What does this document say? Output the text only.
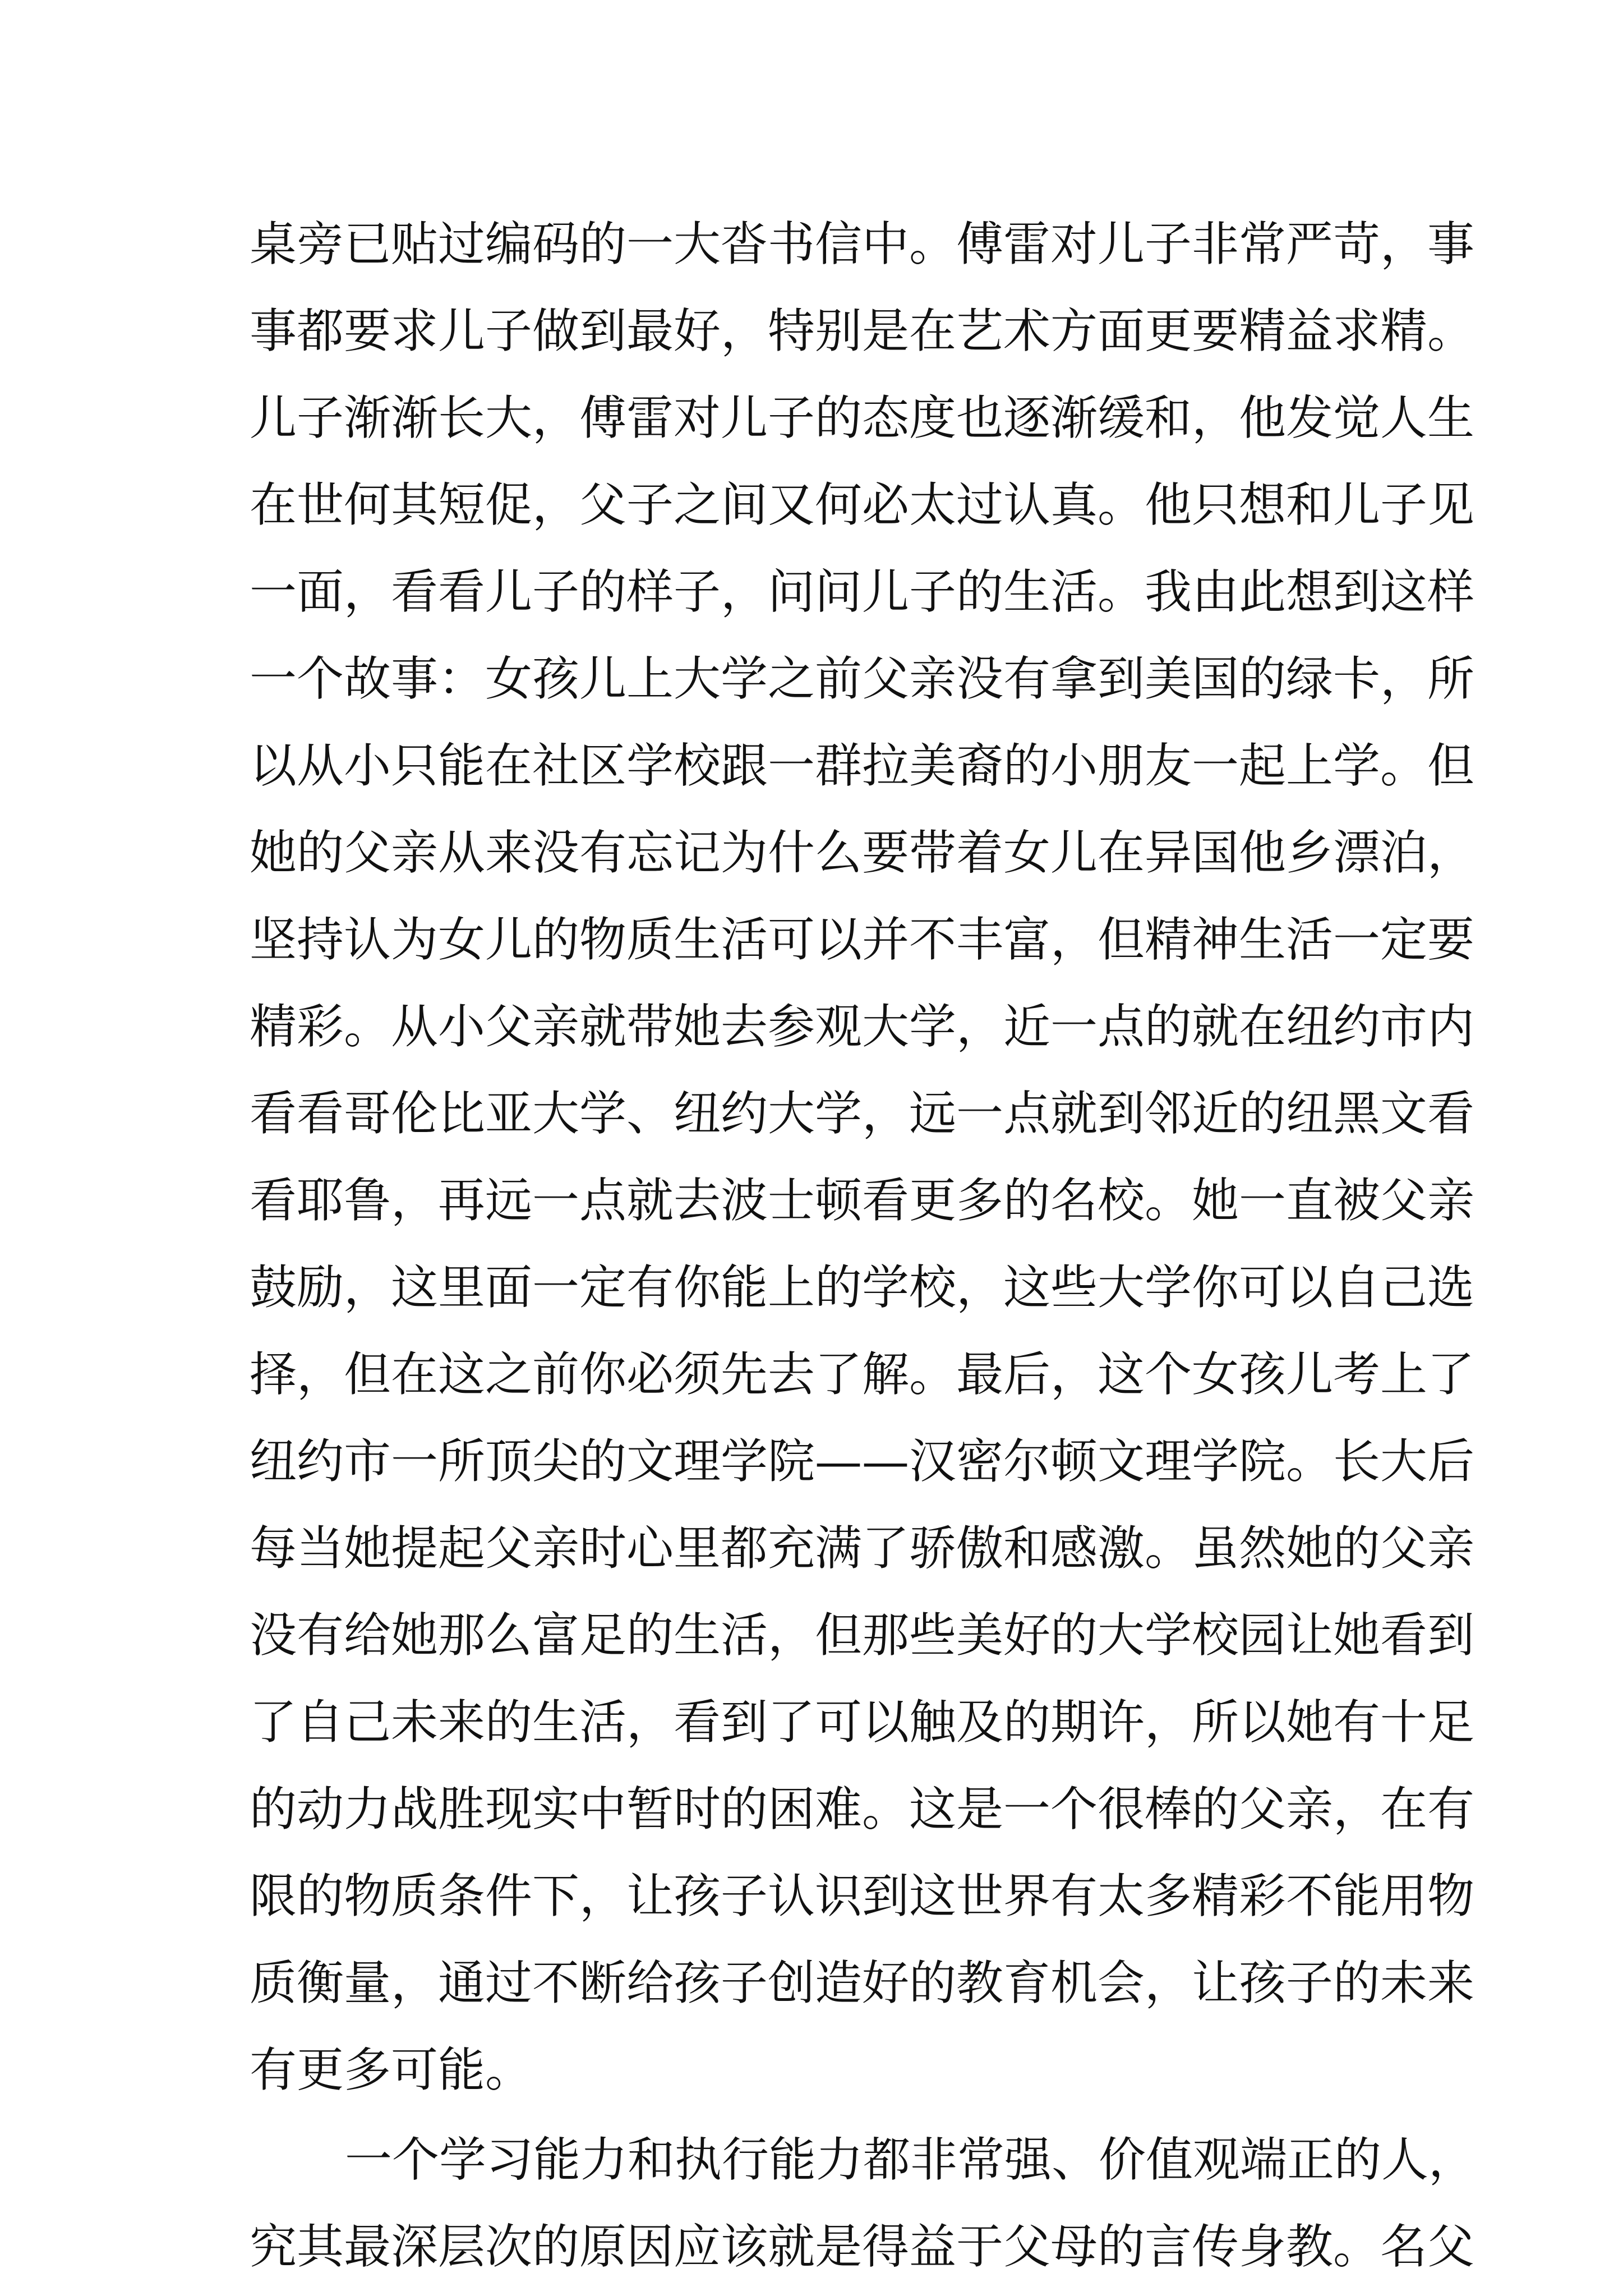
桌旁已贴过编码的一大沓书信中。傅雷对儿子非常严苛，事
事都要求儿子做到最好，特别是在艺术方面更要精益求精。
儿子渐渐长大，傅雷对儿子的态度也逐渐缓和，他发觉人生
在世何其短促，父子之间又何必太过认真。他只想和儿子见
一面，看看儿子的样子，问问儿子的生活。我由此想到这样
一个故事：女孩儿上大学之前父亲没有拿到美国的绿卡，所
以从小只能在社区学校跟一群拉美裔的小朋友一起上学。但
她的父亲从来没有忘记为什么要带着女儿在异国他乡漂泊，
坚持认为女儿的物质生活可以并不丰富，但精神生活一定要
精彩。从小父亲就带她去参观大学，近一点的就在纽约市内
看看哥伦比亚大学、纽约大学，远一点就到邻近的纽黑文看
看耶鲁，再远一点就去波士顿看更多的名校。她一直被父亲
鼓励，这里面一定有你能上的学校，这些大学你可以自己选
择，但在这之前你必须先去了解。最后，这个女孩儿考上了
纽约市一所顶尖的文理学院——汉密尔顿文理学院。长大后
每当她提起父亲时心里都充满了骄傲和感激。虽然她的父亲
没有给她那么富足的生活，但那些美好的大学校园让她看到
了自己未来的生活，看到了可以触及的期许，所以她有十足
的动力战胜现实中暂时的困难。这是一个很棒的父亲，在有
限的物质条件下，让孩子认识到这世界有太多精彩不能用物
质衡量，通过不断给孩子创造好的教育机会，让孩子的未来
有更多可能。
一个学习能力和执行能力都非常强、价值观端正的人，
究其最深层次的原因应该就是得益于父母的言传身教。名父
